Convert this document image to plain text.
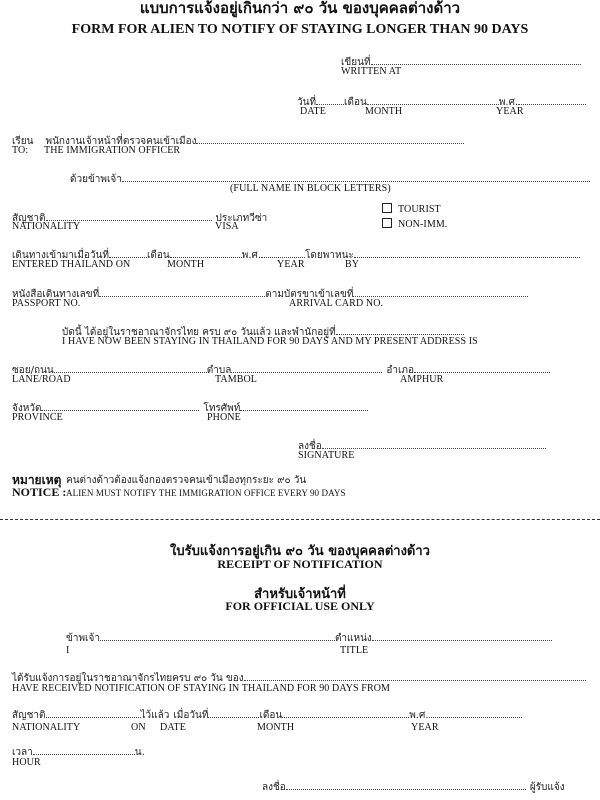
แบบการแจ้งอยู่เกินกว่า ๙๐ วัน ของบุคคลต่างด้าว
FORM FOR ALIEN TO NOTIFY OF STAYING LONGER THAN 90 DAYS
เขียนที่
WRITTEN AT
วันที่	เดือน	พ.ศ.
DATE	MONTH	YEAR
เรียน พนักงานเจ้าหน้าที่ตรวจคนเข้าเมือง
TO: THE IMMIGRATION OFFICER
ด้วยข้าพเจ้า
(FULL NAME IN BLOCK LETTERS)
สัญชาติ	ประเภทวีซ่า
NATIONALITY	VISA
TOURIST
NON-IMM.
เดินทางเข้ามาเมื่อวันที่	เดือน	พ.ศ.	โดยพาหนะ
ENTERED THAILAND ON	MONTH	YEAR	BY
หนังสือเดินทางเลขที่	ตามบัตรขาเข้าเลขที่
PASSPORT NO.	ARRIVAL CARD NO.
บัดนี้ ได้อยู่ในราชอาณาจักรไทย ครบ ๙๐ วันแล้ว และพำนักอยู่ที่
I HAVE NOW BEEN STAYING IN THAILAND FOR 90 DAYS AND MY PRESENT ADDRESS IS
ซอย/ถนน	ตำบล	อำเภอ
LANE/ROAD	TAMBOL	AMPHUR
จังหวัด	โทรศัพท์
PROVINCE	PHONE
ลงชื่อ
SIGNATURE
หมายเหตุ คนต่างด้าวต้องแจ้งกองตรวจคนเข้าเมืองทุกระยะ ๙๐ วัน
NOTICE : ALIEN MUST NOTIFY THE IMMIGRATION OFFICE EVERY 90 DAYS
ใบรับแจ้งการอยู่เกิน ๙๐ วัน ของบุคคลต่างด้าว
RECEIPT OF NOTIFICATION
สำหรับเจ้าหน้าที่
FOR OFFICIAL USE ONLY
ข้าพเจ้า	ตำแหน่ง
I	TITLE
ได้รับแจ้งการอยู่ในราชอาณาจักรไทยครบ ๙๐ วัน ของ
HAVE RECEIVED NOTIFICATION OF STAYING IN THAILAND FOR 90 DAYS FROM
สัญชาติ	ไว้แล้ว เมื่อวันที่	เดือน	พ.ศ.
NATIONALITY	ON DATE	MONTH	YEAR
เวลา	น.
HOUR
ลงชื่อ	ผู้รับแจ้ง
